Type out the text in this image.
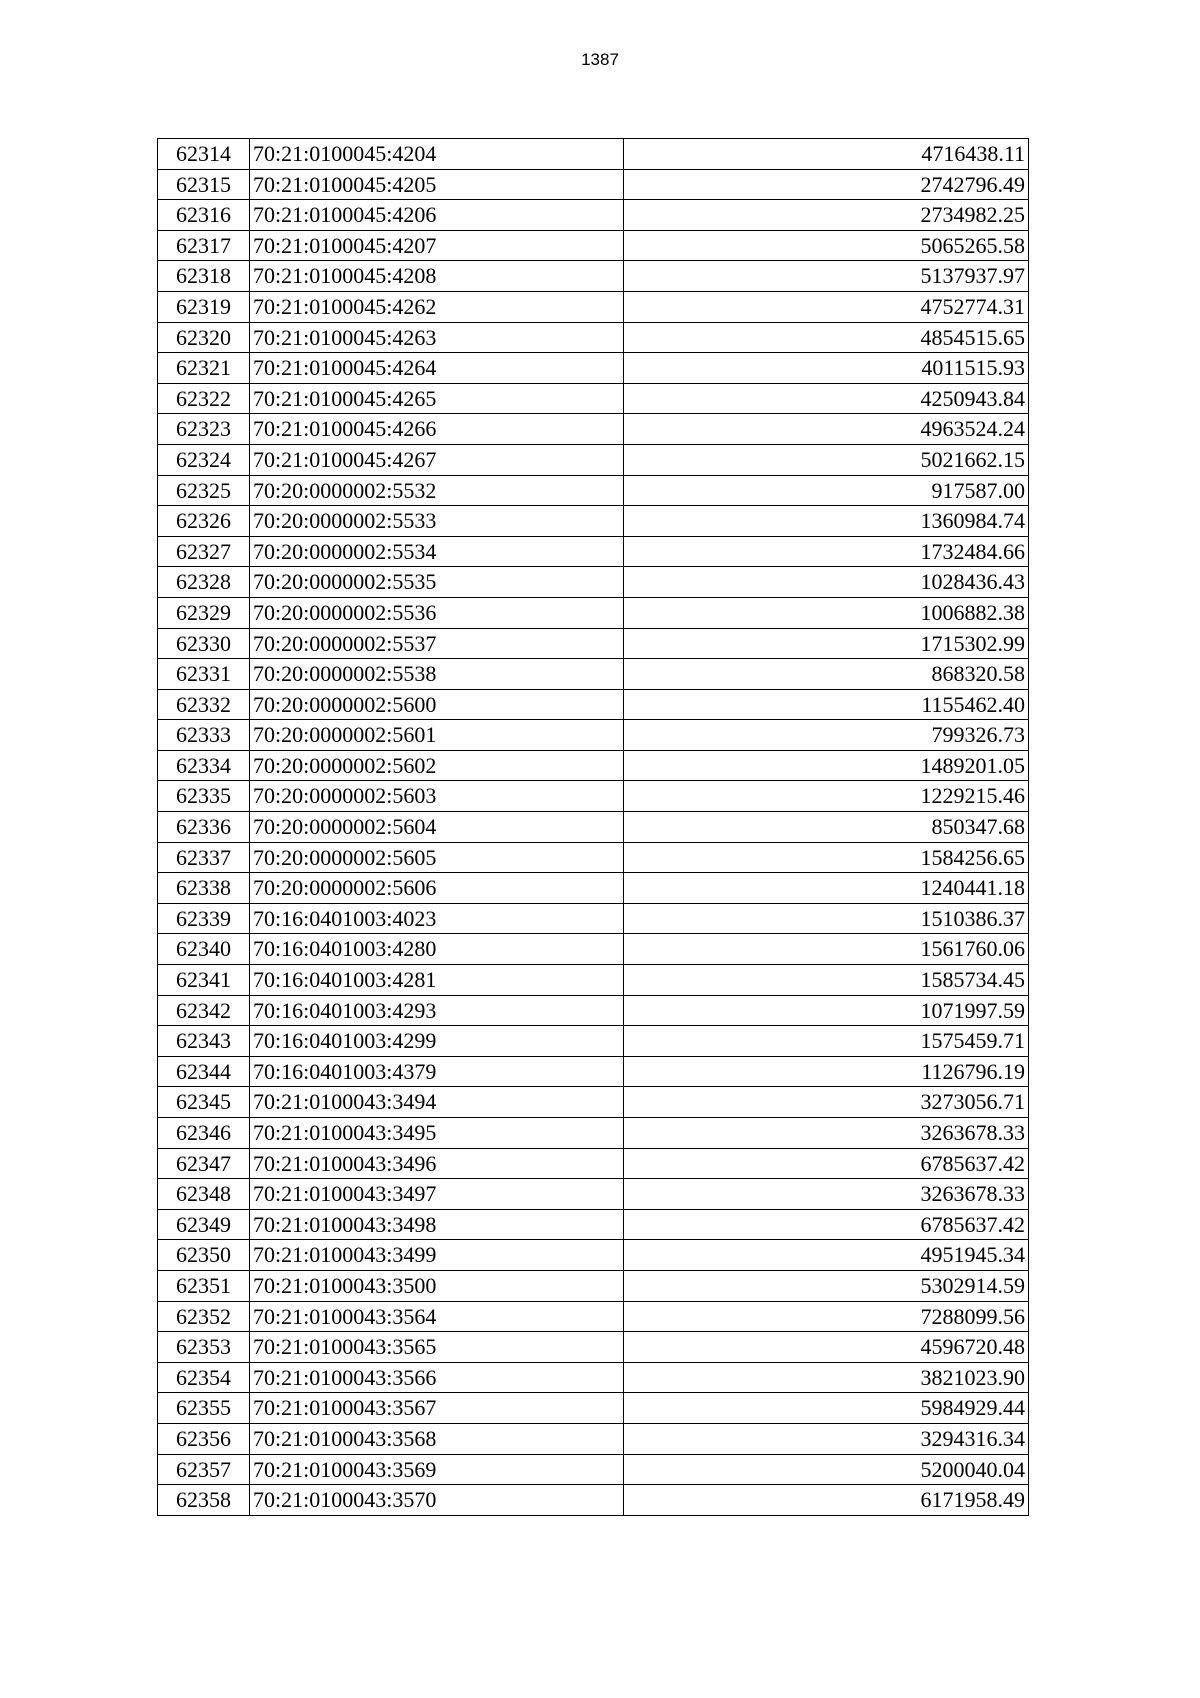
1387
62314	70:21:0100045:4204	4716438.11
62315	70:21:0100045:4205	2742796.49
62316	70:21:0100045:4206	2734982.25
62317	70:21:0100045:4207	5065265.58
62318	70:21:0100045:4208	5137937.97
62319	70:21:0100045:4262	4752774.31
62320	70:21:0100045:4263	4854515.65
62321	70:21:0100045:4264	4011515.93
62322	70:21:0100045:4265	4250943.84
62323	70:21:0100045:4266	4963524.24
62324	70:21:0100045:4267	5021662.15
62325	70:20:0000002:5532	917587.00
62326	70:20:0000002:5533	1360984.74
62327	70:20:0000002:5534	1732484.66
62328	70:20:0000002:5535	1028436.43
62329	70:20:0000002:5536	1006882.38
62330	70:20:0000002:5537	1715302.99
62331	70:20:0000002:5538	868320.58
62332	70:20:0000002:5600	1155462.40
62333	70:20:0000002:5601	799326.73
62334	70:20:0000002:5602	1489201.05
62335	70:20:0000002:5603	1229215.46
62336	70:20:0000002:5604	850347.68
62337	70:20:0000002:5605	1584256.65
62338	70:20:0000002:5606	1240441.18
62339	70:16:0401003:4023	1510386.37
62340	70:16:0401003:4280	1561760.06
62341	70:16:0401003:4281	1585734.45
62342	70:16:0401003:4293	1071997.59
62343	70:16:0401003:4299	1575459.71
62344	70:16:0401003:4379	1126796.19
62345	70:21:0100043:3494	3273056.71
62346	70:21:0100043:3495	3263678.33
62347	70:21:0100043:3496	6785637.42
62348	70:21:0100043:3497	3263678.33
62349	70:21:0100043:3498	6785637.42
62350	70:21:0100043:3499	4951945.34
62351	70:21:0100043:3500	5302914.59
62352	70:21:0100043:3564	7288099.56
62353	70:21:0100043:3565	4596720.48
62354	70:21:0100043:3566	3821023.90
62355	70:21:0100043:3567	5984929.44
62356	70:21:0100043:3568	3294316.34
62357	70:21:0100043:3569	5200040.04
62358	70:21:0100043:3570	6171958.49
